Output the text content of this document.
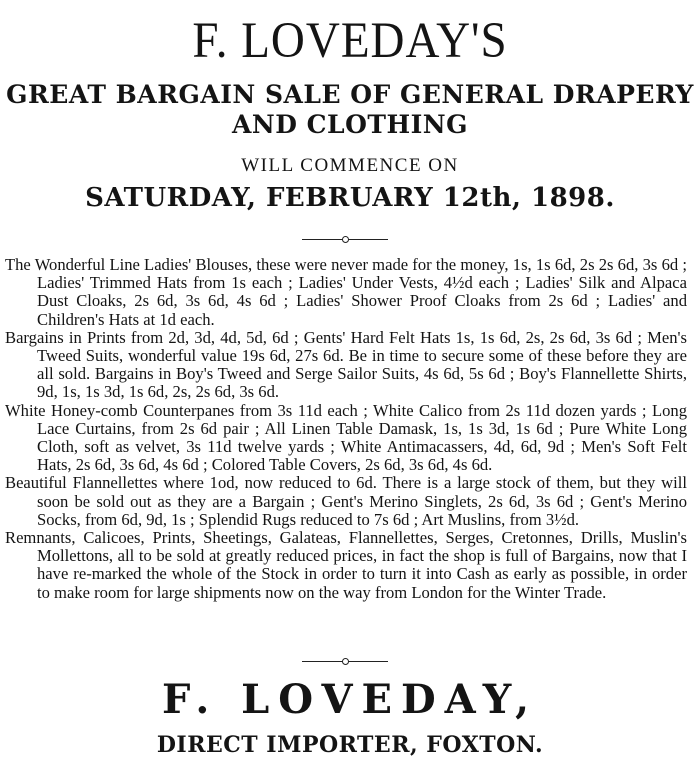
F. LOVEDAY'S
GREAT BARGAIN SALE OF GENERAL DRAPERY
AND CLOTHING
WILL COMMENCE ON
SATURDAY, FEBRUARY 12th, 1898.

The Wonderful Line Ladies' Blouses, these were never made for the money, 1s, 1s 6d, 2s 2s 6d, 3s 6d ; Ladies' Trimmed Hats from 1s each ; Ladies' Under Vests, 4½d each ; Ladies' Silk and Alpaca Dust Cloaks, 2s 6d, 3s 6d, 4s 6d ; Ladies' Shower Proof Cloaks from 2s 6d ; Ladies' and Children's Hats at 1d each.

Bargains in Prints from 2d, 3d, 4d, 5d, 6d ; Gents' Hard Felt Hats 1s, 1s 6d, 2s, 2s 6d, 3s 6d ; Men's Tweed Suits, wonderful value 19s 6d, 27s 6d. Be in time to secure some of these before they are all sold. Bargains in Boy's Tweed and Serge Sailor Suits, 4s 6d, 5s 6d ; Boy's Flannellette Shirts, 9d, 1s, 1s 3d, 1s 6d, 2s, 2s 6d, 3s 6d.

White Honey-comb Counterpanes from 3s 11d each ; White Calico from 2s 11d dozen yards ; Long Lace Curtains, from 2s 6d pair ; All Linen Table Damask, 1s, 1s 3d, 1s 6d ; Pure White Long Cloth, soft as velvet, 3s 11d twelve yards ; White Antimacassers, 4d, 6d, 9d ; Men's Soft Felt Hats, 2s 6d, 3s 6d, 4s 6d ; Colored Table Covers, 2s 6d, 3s 6d, 4s 6d.

Beautiful Flannellettes where 1od, now reduced to 6d. There is a large stock of them, but they will soon be sold out as they are a Bargain ; Gent's Merino Singlets, 2s 6d, 3s 6d ; Gent's Merino Socks, from 6d, 9d, 1s ; Splendid Rugs reduced to 7s 6d ; Art Muslins, from 3½d.

Remnants, Calicoes, Prints, Sheetings, Galateas, Flannellettes, Serges, Cretonnes, Drills, Muslin's Mollettons, all to be sold at greatly reduced prices, in fact the shop is full of Bargains, now that I have re-marked the whole of the Stock in order to turn it into Cash as early as possible, in order to make room for large shipments now on the way from London for the Winter Trade.

F. LOVEDAY,
DIRECT IMPORTER, FOXTON.
